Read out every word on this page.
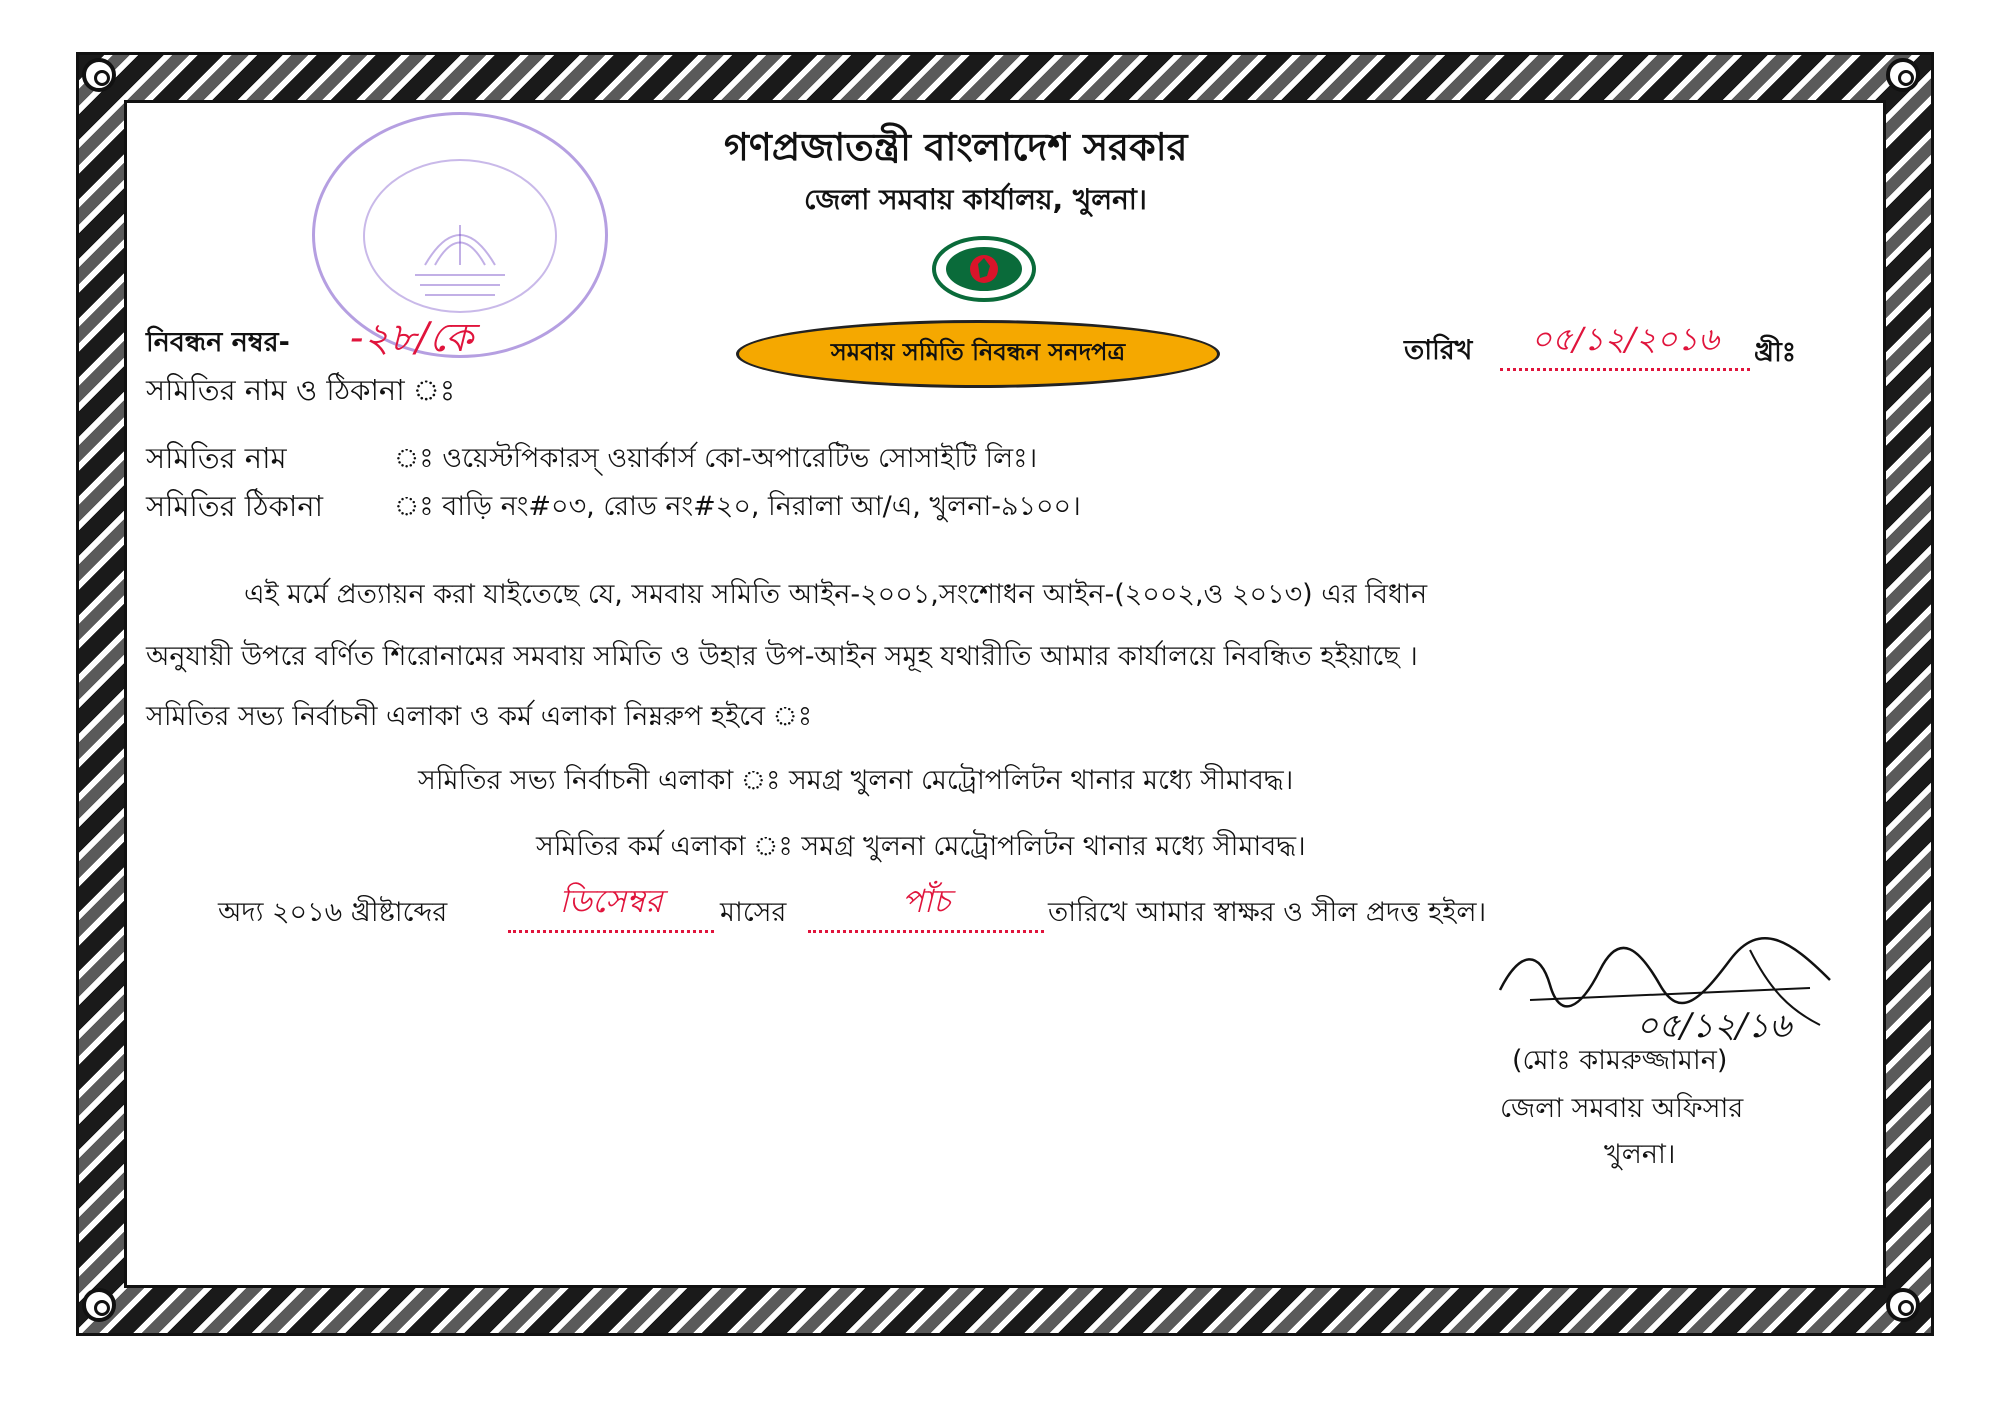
গণপ্রজাতন্ত্রী বাংলাদেশ সরকার
জেলা সমবায় কার্যালয়, খুলনা।
সমবায় সমিতি নিবন্ধন সনদপত্র
নিবন্ধন নম্বর- -২৮/কে	তারিখ	০৫/১২/২০১৬	খ্রীঃ
সমিতির নাম ও ঠিকানা ঃ
সমিতির নাম	ঃ ওয়েস্টপিকারস্ ওয়ার্কার্স কো-অপারেটিভ সোসাইটি লিঃ।
সমিতির ঠিকানা	ঃ বাড়ি নং#০৩, রোড নং#২০, নিরালা আ/এ, খুলনা-৯১০০।
এই মর্মে প্রত্যায়ন করা যাইতেছে যে, সমবায় সমিতি আইন-২০০১,সংশোধন আইন-(২০০২,ও ২০১৩) এর বিধান
অনুযায়ী উপরে বর্ণিত শিরোনামের সমবায় সমিতি ও উহার উপ-আইন সমূহ যথারীতি আমার কার্যালয়ে নিবন্ধিত হইয়াছে ।
সমিতির সভ্য নির্বাচনী এলাকা ও কর্ম এলাকা নিম্নরুপ হইবে ঃ
সমিতির সভ্য নির্বাচনী এলাকা ঃ সমগ্র খুলনা মেট্রোপলিটন থানার মধ্যে সীমাবদ্ধ।
সমিতির কর্ম এলাকা ঃ সমগ্র খুলনা মেট্রোপলিটন থানার মধ্যে সীমাবদ্ধ।
অদ্য ২০১৬ খ্রীষ্টাব্দের	ডিসেম্বর	মাসের	পাঁচ	তারিখে আমার স্বাক্ষর ও সীল প্রদত্ত হইল।
০৫/১২/১৬
(মোঃ কামরুজ্জামান)
জেলা সমবায় অফিসার
খুলনা।
